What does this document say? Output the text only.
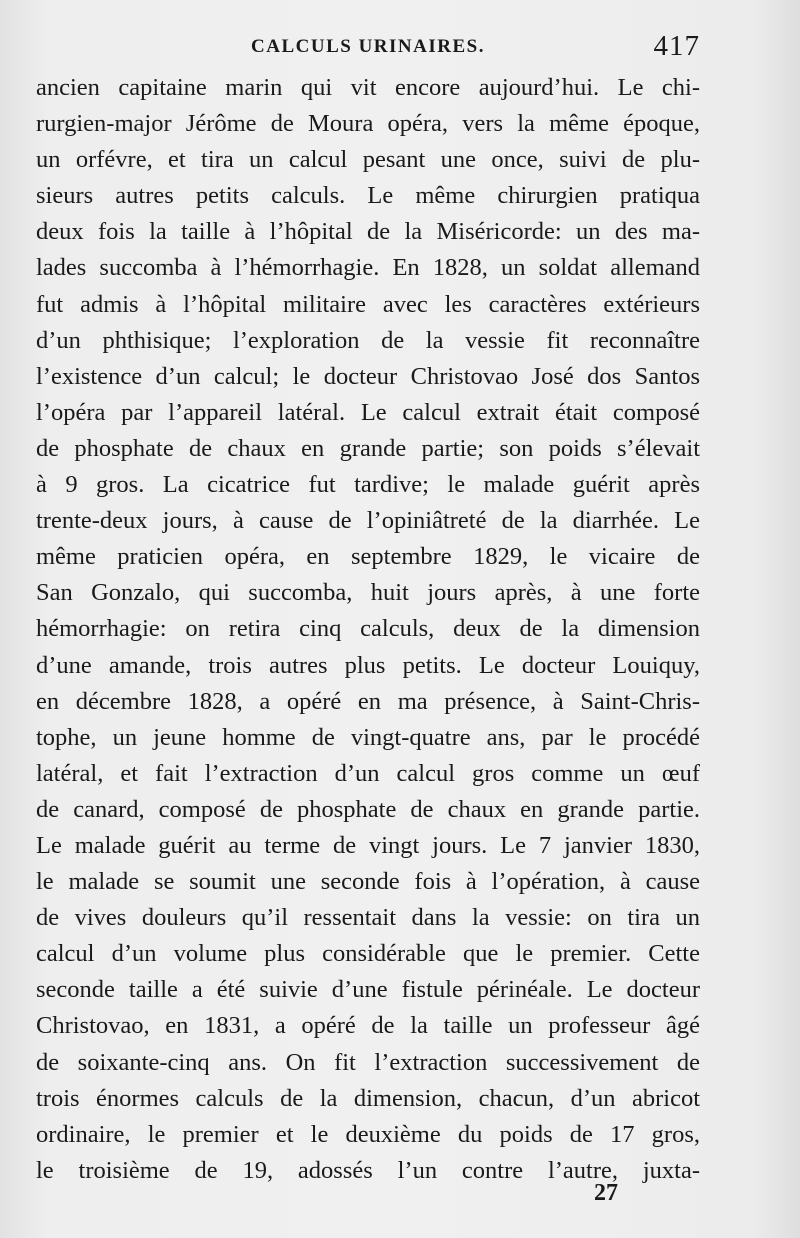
CALCULS URINAIRES.	417
ancien capitaine marin qui vit encore aujourd’hui. Le chi-
rurgien-major Jérôme de Moura opéra, vers la même époque,
un orfévre, et tira un calcul pesant une once, suivi de plu-
sieurs autres petits calculs. Le même chirurgien pratiqua
deux fois la taille à l’hôpital de la Miséricorde: un des ma-
lades succomba à l’hémorrhagie. En 1828, un soldat allemand
fut admis à l’hôpital militaire avec les caractères extérieurs
d’un phthisique; l’exploration de la vessie fit reconnaître
l’existence d’un calcul; le docteur Christovao José dos Santos
l’opéra par l’appareil latéral. Le calcul extrait était composé
de phosphate de chaux en grande partie; son poids s’élevait
à 9 gros. La cicatrice fut tardive; le malade guérit après
trente-deux jours, à cause de l’opiniâtreté de la diarrhée. Le
même praticien opéra, en septembre 1829, le vicaire de
San Gonzalo, qui succomba, huit jours après, à une forte
hémorrhagie: on retira cinq calculs, deux de la dimension
d’une amande, trois autres plus petits. Le docteur Louiquy,
en décembre 1828, a opéré en ma présence, à Saint-Chris-
tophe, un jeune homme de vingt-quatre ans, par le procédé
latéral, et fait l’extraction d’un calcul gros comme un œuf
de canard, composé de phosphate de chaux en grande partie.
Le malade guérit au terme de vingt jours. Le 7 janvier 1830,
le malade se soumit une seconde fois à l’opération, à cause
de vives douleurs qu’il ressentait dans la vessie: on tira un
calcul d’un volume plus considérable que le premier. Cette
seconde taille a été suivie d’une fistule périnéale. Le docteur
Christovao, en 1831, a opéré de la taille un professeur âgé
de soixante-cinq ans. On fit l’extraction successivement de
trois énormes calculs de la dimension, chacun, d’un abricot
ordinaire, le premier et le deuxième du poids de 17 gros,
le troisième de 19, adossés l’un contre l’autre, juxta-
27
